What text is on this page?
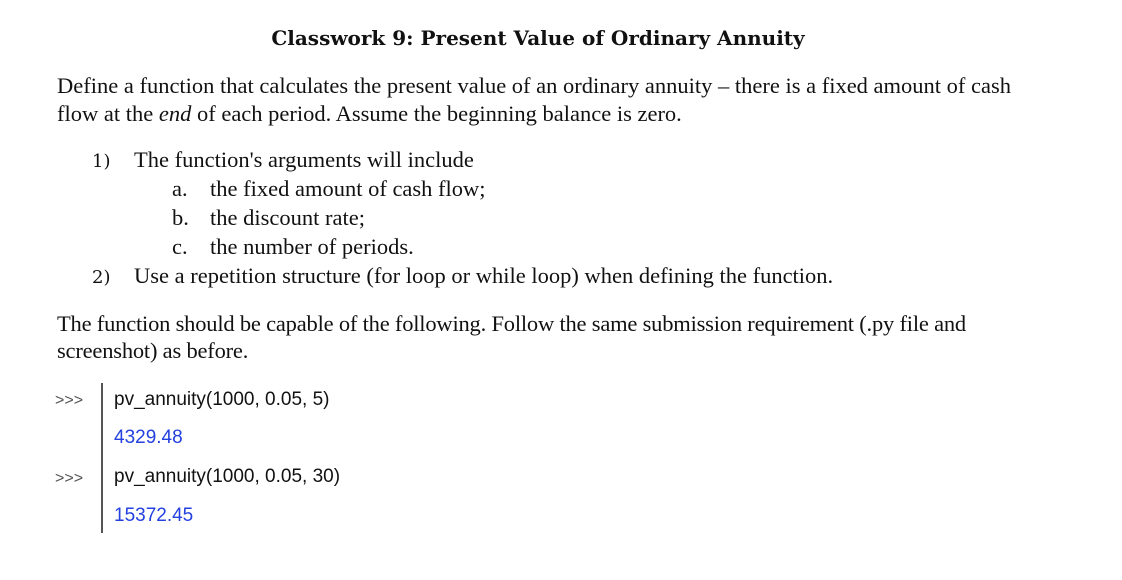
Classwork 9: Present Value of Ordinary Annuity
Define a function that calculates the present value of an ordinary annuity – there is a fixed amount of cash flow at the end of each period. Assume the beginning balance is zero.
1) The function's arguments will include
a. the fixed amount of cash flow;
b. the discount rate;
c. the number of periods.
2) Use a repetition structure (for loop or while loop) when defining the function.
The function should be capable of the following. Follow the same submission requirement (.py file and screenshot) as before.
>>> pv_annuity(1000, 0.05, 5)
4329.48
>>> pv_annuity(1000, 0.05, 30)
15372.45
